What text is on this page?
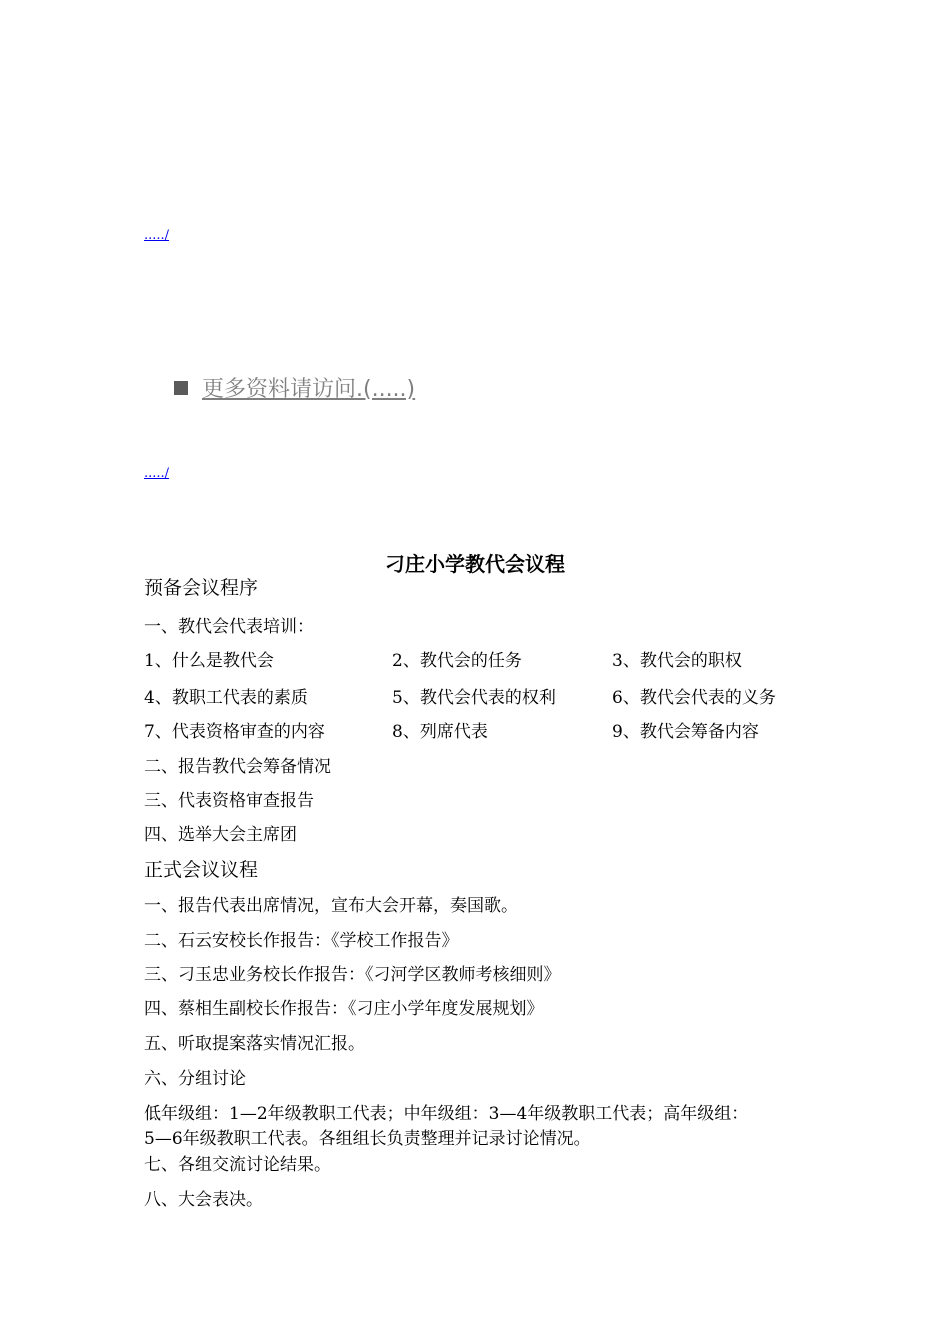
...../
更多资料请访问.(.....)
...../
刁庄小学教代会议程
预备会议程序
一、教代会代表培训：
1、什么是教代会	2、教代会的任务	3、教代会的职权
4、教职工代表的素质	5、教代会代表的权利	6、教代会代表的义务
7、代表资格审查的内容	8、列席代表	9、教代会筹备内容
二、报告教代会筹备情况
三、代表资格审查报告
四、选举大会主席团
正式会议议程
一、报告代表出席情况，宣布大会开幕，奏国歌。
二、石云安校长作报告：《学校工作报告》
三、刁玉忠业务校长作报告：《刁河学区教师考核细则》
四、蔡相生副校长作报告：《刁庄小学年度发展规划》
五、听取提案落实情况汇报。
六、分组讨论
低年级组：1—2年级教职工代表；中年级组：3—4年级教职工代表；高年级组：
5—6年级教职工代表。各组组长负责整理并记录讨论情况。
七、各组交流讨论结果。
八、大会表决。
